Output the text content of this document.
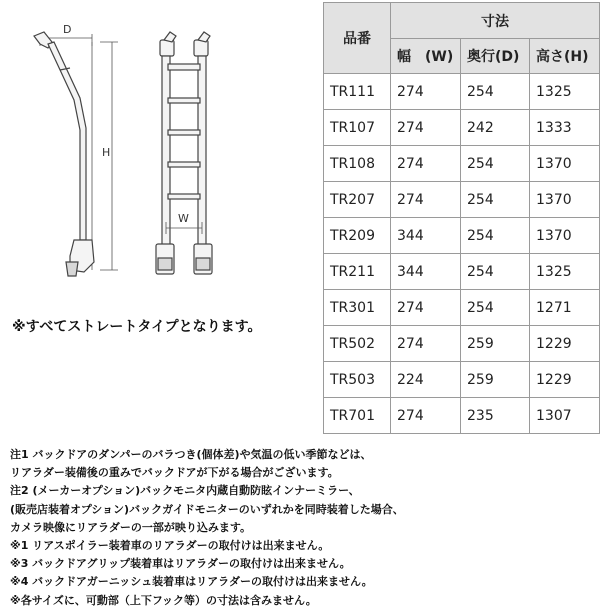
D
H
W
※すべてストレートタイプとなります。
品番	寸法		
	幅　(W)	奥行(D)	高さ(H)
TR111	274	254	1325
TR107	274	242	1333
TR108	274	254	1370
TR207	274	254	1370
TR209	344	254	1370
TR211	344	254	1325
TR301	274	254	1271
TR502	274	259	1229
TR503	224	259	1229
TR701	274	235	1307
注1 バックドアのダンパーのバラつき(個体差)や気温の低い季節などは、
リアラダー装備後の重みでバックドアが下がる場合がございます。
注2 (メーカーオプション)バックモニタ内蔵自動防眩インナーミラー、
(販売店装着オプション)バックガイドモニターのいずれかを同時装着した場合、
カメラ映像にリアラダーの一部が映り込みます。
※1 リアスポイラー装着車のリアラダーの取付けは出来ません。
※3 バックドアグリップ装着車はリアラダーの取付けは出来ません。
※4 バックドアガーニッシュ装着車はリアラダーの取付けは出来ません。
※各サイズに、可動部（上下フック等）の寸法は含みません。
